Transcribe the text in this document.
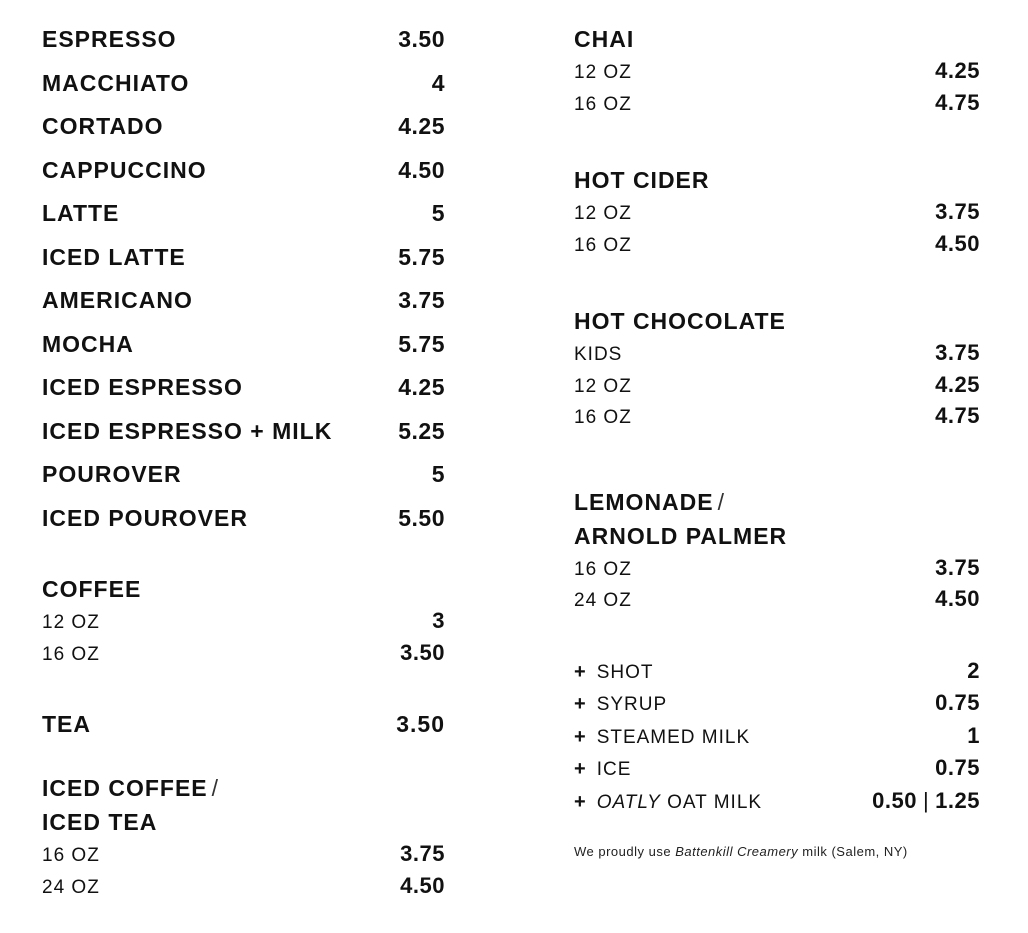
ESPRESSO	3.50
MACCHIATO	4
CORTADO	4.25
CAPPUCCINO	4.50
LATTE	5
ICED LATTE	5.75
AMERICANO	3.75
MOCHA	5.75
ICED ESPRESSO	4.25
ICED ESPRESSO + MILK	5.25
POUROVER	5
ICED POUROVER	5.50
COFFEE
12 OZ	3
16 OZ	3.50
TEA	3.50
ICED COFFEE /
ICED TEA
16 OZ	3.75
24 OZ	4.50
CHAI
12 OZ	4.25
16 OZ	4.75
HOT CIDER
12 OZ	3.75
16 OZ	4.50
HOT CHOCOLATE
KIDS	3.75
12 OZ	4.25
16 OZ	4.75
LEMONADE /
ARNOLD PALMER
16 OZ	3.75
24 OZ	4.50
+ SHOT	2
+ SYRUP	0.75
+ STEAMED MILK	1
+ ICE	0.75
+ OATLY OAT MILK	0.50 | 1.25
We proudly use Battenkill Creamery milk (Salem, NY)
